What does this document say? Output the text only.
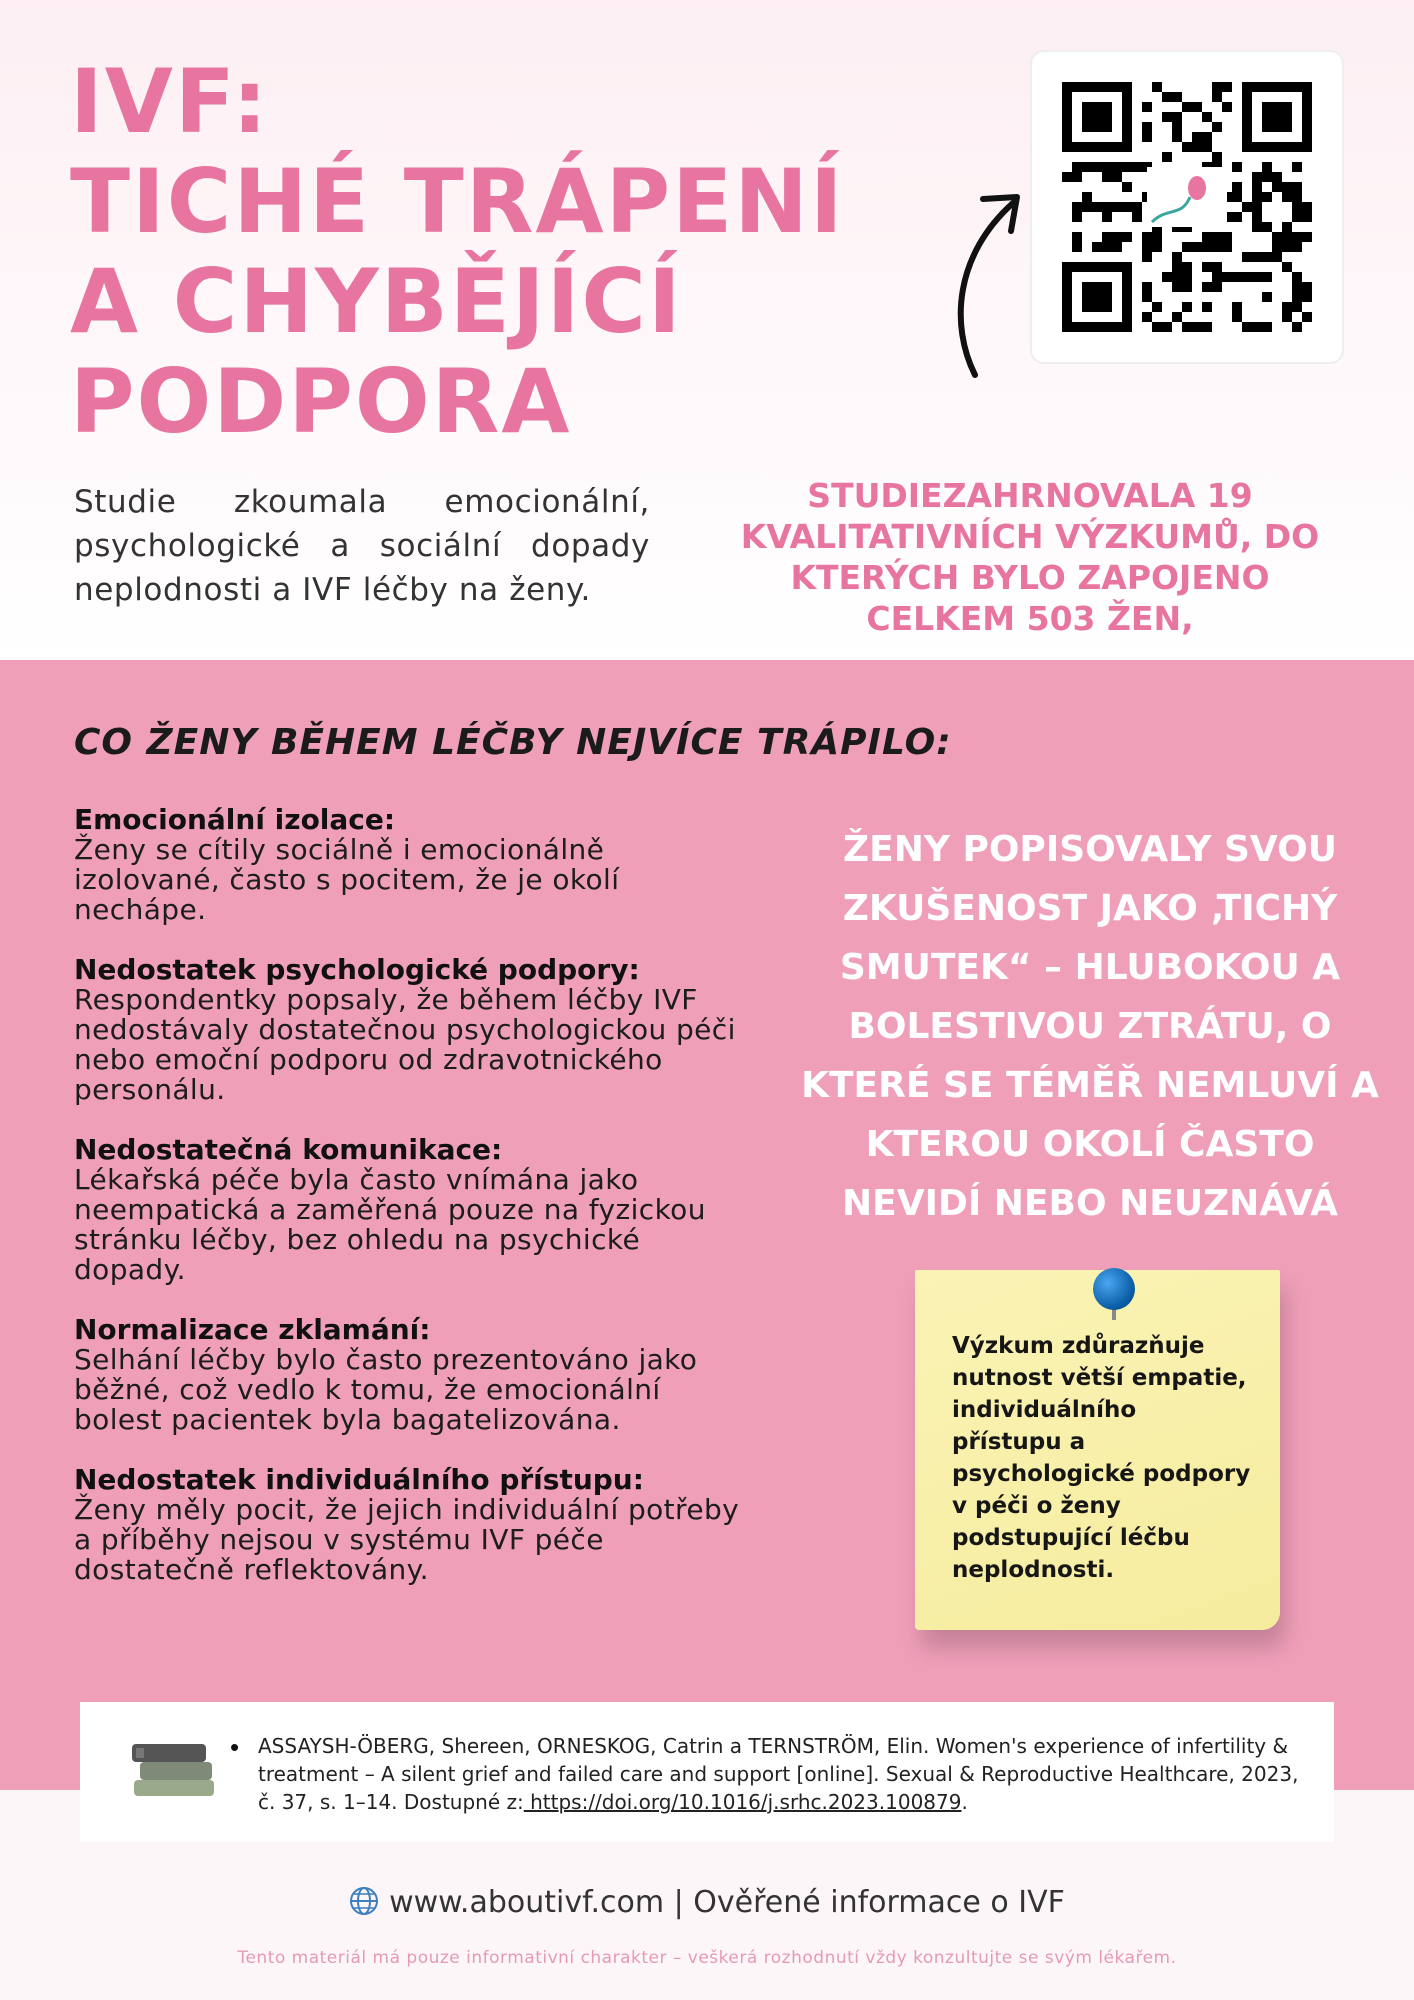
IVF:
TICHÉ TRÁPENÍ
A CHYBĚJÍCÍ
PODPORA

Studie zkoumala emocionální, psychologické a sociální dopady neplodnosti a IVF léčby na ženy.

STUDIEZAHRNOVALA 19 KVALITATIVNÍCH VÝZKUMŮ, DO KTERÝCH BYLO ZAPOJENO CELKEM 503 ŽEN,

CO ŽENY BĚHEM LÉČBY NEJVÍCE TRÁPILO:
Emocionální izolace:
Ženy se cítily sociálně i emocionálně izolované, často s pocitem, že je okolí nechápe.
Nedostatek psychologické podpory:
Respondentky popsaly, že během léčby IVF nedostávaly dostatečnou psychologickou péči nebo emoční podporu od zdravotnického personálu.
Nedostatečná komunikace:
Lékařská péče byla často vnímána jako neempatická a zaměřená pouze na fyzickou stránku léčby, bez ohledu na psychické dopady.
Normalizace zklamání:
Selhání léčby bylo často prezentováno jako běžné, což vedlo k tomu, že emocionální bolest pacientek byla bagatelizována.
Nedostatek individuálního přístupu:
Ženy měly pocit, že jejich individuální potřeby a příběhy nejsou v systému IVF péče dostatečně reflektovány.

ŽENY POPISOVALY SVOU ZKUŠENOST JAKO ‚TICHÝ SMUTEK“ – HLUBOKOU A BOLESTIVOU ZTRÁTU, O KTERÉ SE TÉMĚŘ NEMLUVÍ A KTEROU OKOLÍ ČASTO NEVIDÍ NEBO NEUZNÁVÁ

Výzkum zdůrazňuje nutnost větší empatie, individuálního přístupu a psychologické podpory v péči o ženy podstupující léčbu neplodnosti.

• ASSAYSH-ÖBERG, Shereen, ORNESKOG, Catrin a TERNSTRÖM, Elin. Women's experience of infertility & treatment – A silent grief and failed care and support [online]. Sexual & Reproductive Healthcare, 2023, č. 37, s. 1–14. Dostupné z: https://doi.org/10.1016/j.srhc.2023.100879.

www.aboutivf.com | Ověřené informace o IVF
Tento materiál má pouze informativní charakter – veškerá rozhodnutí vždy konzultujte se svým lékařem.
